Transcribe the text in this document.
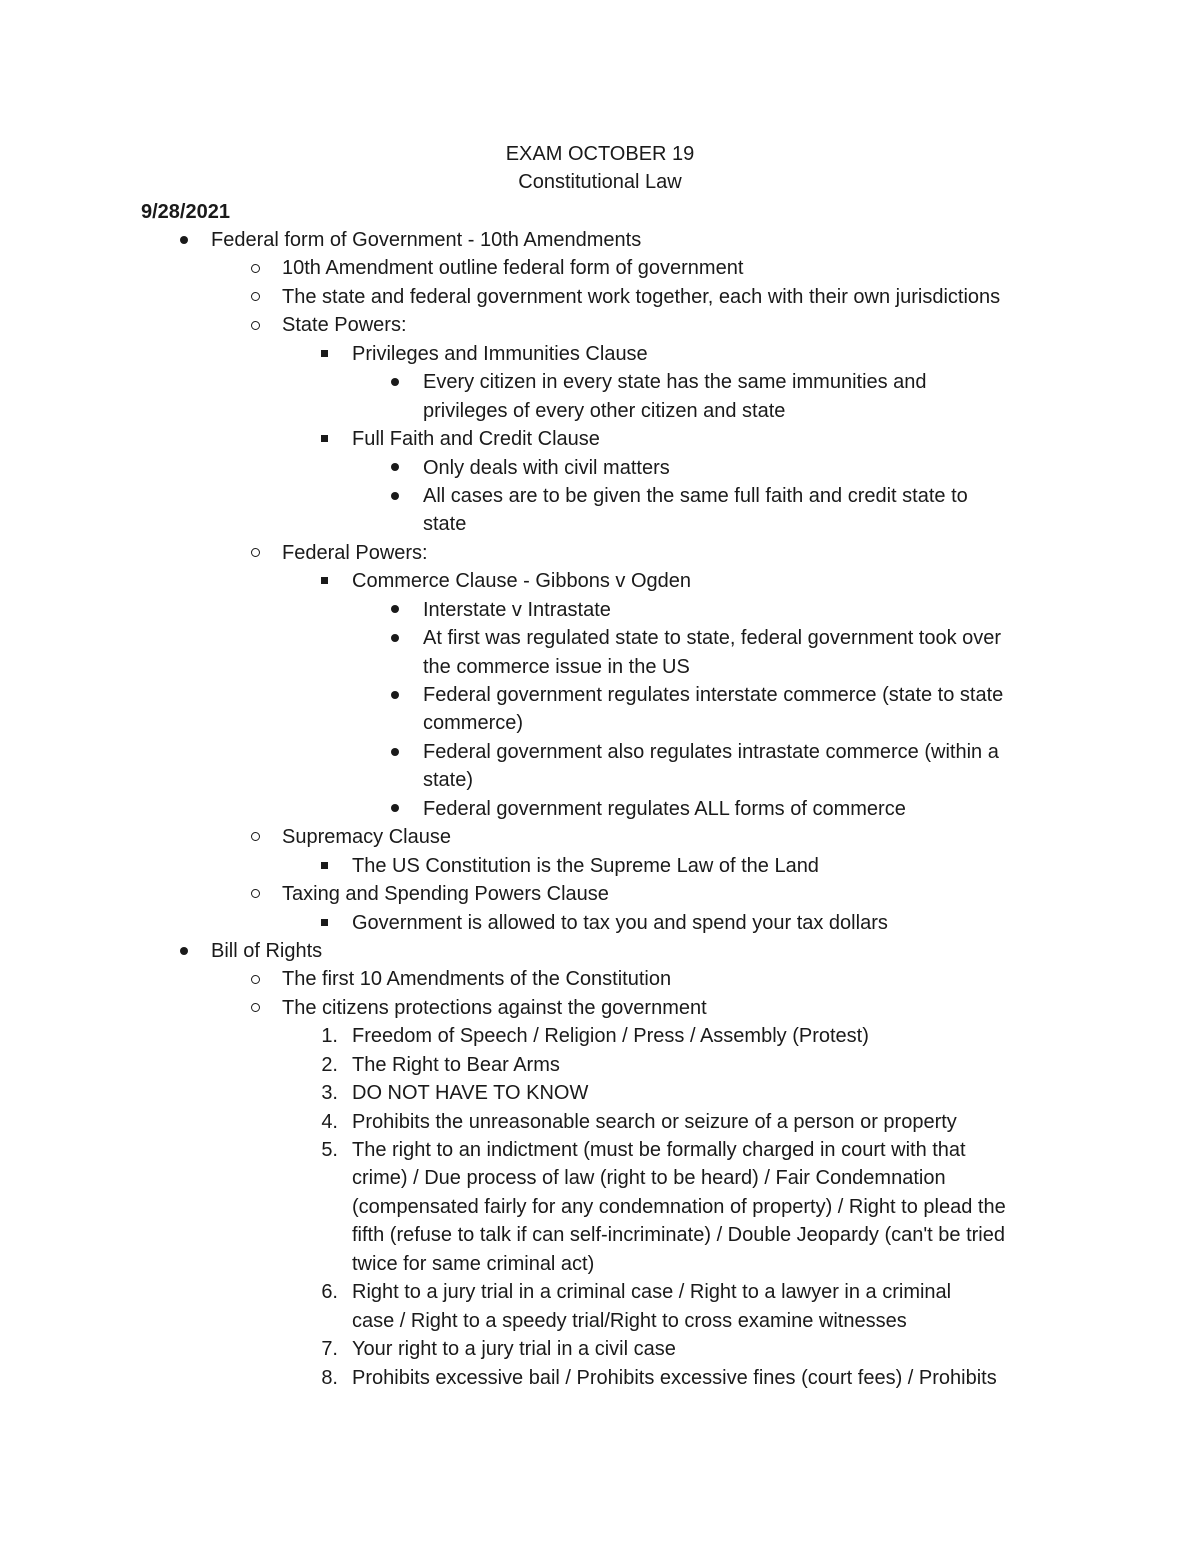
EXAM OCTOBER 19
Constitutional Law
9/28/2021
Federal form of Government - 10th Amendments
10th Amendment outline federal form of government
The state and federal government work together, each with their own jurisdictions
State Powers:
Privileges and Immunities Clause
Every citizen in every state has the same immunities and
privileges of every other citizen and state
Full Faith and Credit Clause
Only deals with civil matters
All cases are to be given the same full faith and credit state to
state
Federal Powers:
Commerce Clause - Gibbons v Ogden
Interstate v Intrastate
At first was regulated state to state, federal government took over
the commerce issue in the US
Federal government regulates interstate commerce (state to state
commerce)
Federal government also regulates intrastate commerce (within a
state)
Federal government regulates ALL forms of commerce
Supremacy Clause
The US Constitution is the Supreme Law of the Land
Taxing and Spending Powers Clause
Government is allowed to tax you and spend your tax dollars
Bill of Rights
The first 10 Amendments of the Constitution
The citizens protections against the government
1. Freedom of Speech / Religion / Press / Assembly (Protest)
2. The Right to Bear Arms
3. DO NOT HAVE TO KNOW
4. Prohibits the unreasonable search or seizure of a person or property
5. The right to an indictment (must be formally charged in court with that
crime) / Due process of law (right to be heard) / Fair Condemnation
(compensated fairly for any condemnation of property) / Right to plead the
fifth (refuse to talk if can self-incriminate) / Double Jeopardy (can't be tried
twice for same criminal act)
6. Right to a jury trial in a criminal case / Right to a lawyer in a criminal
case / Right to a speedy trial/Right to cross examine witnesses
7. Your right to a jury trial in a civil case
8. Prohibits excessive bail / Prohibits excessive fines (court fees) / Prohibits
